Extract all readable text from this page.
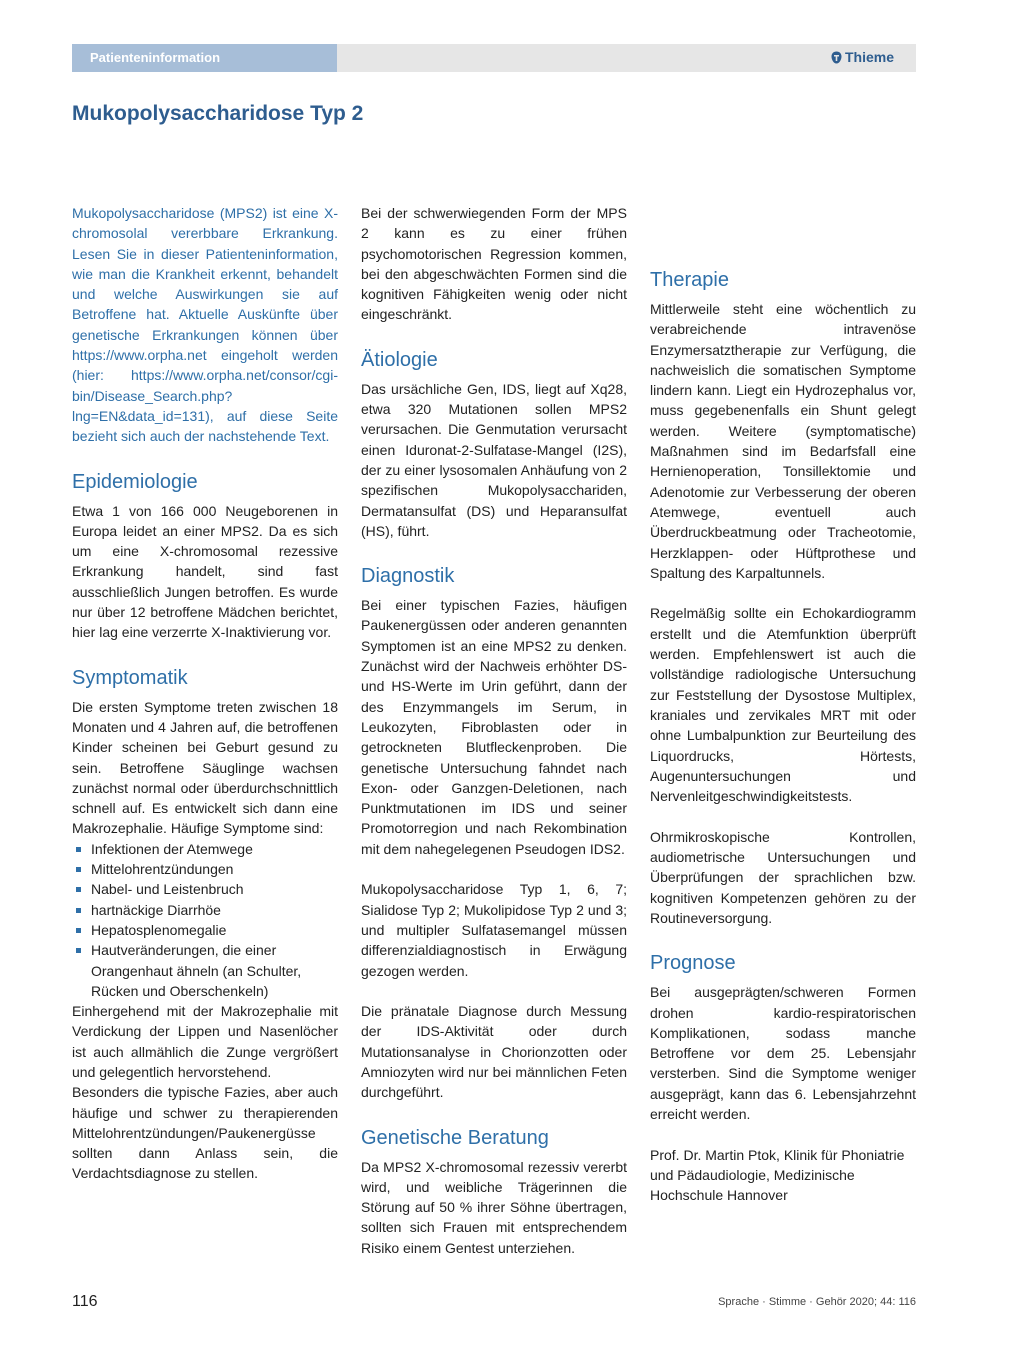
Patienteninformation	Thieme
Mukopolysaccharidose Typ 2

Mukopolysaccharidose (MPS2) ist eine X-chromosolal vererbbare Erkrankung. Lesen Sie in dieser Patienteninformation, wie man die Krankheit erkennt, behandelt und welche Auswirkungen sie auf Betroffene hat. Aktuelle Auskünfte über genetische Erkrankungen können über https://www.orpha.net eingeholt werden (hier: https://www.orpha.net/consor/cgi-bin/Disease_Search.php?lng=EN&data_id=131), auf diese Seite bezieht sich auch der nachstehende Text.

Epidemiologie

Etwa 1 von 166 000 Neugeborenen in Europa leidet an einer MPS2. Da es sich um eine X-chromosomal rezessive Erkrankung handelt, sind fast ausschließlich Jungen betroffen. Es wurde nur über 12 betroffene Mädchen berichtet, hier lag eine verzerrte X-Inaktivierung vor.

Symptomatik

Die ersten Symptome treten zwischen 18 Monaten und 4 Jahren auf, die betroffenen Kinder scheinen bei Geburt gesund zu sein. Betroffene Säuglinge wachsen zunächst normal oder überdurchschnittlich schnell auf. Es entwickelt sich dann eine Makrozephalie. Häufige Symptome sind:

Infektionen der Atemwege
Mittelohrentzündungen
Nabel- und Leistenbruch
hartnäckige Diarrhöe
Hepatosplenomegalie
Hautveränderungen, die einer Orangenhaut ähneln (an Schulter, Rücken und Oberschenkeln)

Einhergehend mit der Makrozephalie mit Verdickung der Lippen und Nasenlöcher ist auch allmählich die Zunge vergrößert und gelegentlich hervorstehend.

Besonders die typische Fazies, aber auch häufige und schwer zu therapierenden Mittelohrentzündungen/Paukenergüsse sollten dann Anlass sein, die Verdachtsdiagnose zu stellen.

Bei der schwerwiegenden Form der MPS 2 kann es zu einer frühen psychomotorischen Regression kommen, bei den abgeschwächten Formen sind die kognitiven Fähigkeiten wenig oder nicht eingeschränkt.

Ätiologie

Das ursächliche Gen, IDS, liegt auf Xq28, etwa 320 Mutationen sollen MPS2 verursachen. Die Genmutation verursacht einen Iduronat-2-Sulfatase-Mangel (I2S), der zu einer lysosomalen Anhäufung von 2 spezifischen Mukopolysacchariden, Dermatansulfat (DS) und Heparansulfat (HS), führt.

Diagnostik

Bei einer typischen Fazies, häufigen Paukenergüssen oder anderen genannten Symptomen ist an eine MPS2 zu denken. Zunächst wird der Nachweis erhöhter DS- und HS-Werte im Urin geführt, dann der des Enzymmangels im Serum, in Leukozyten, Fibroblasten oder in getrockneten Blutfleckenproben. Die genetische Untersuchung fahndet nach Exon- oder Ganzgen-Deletionen, nach Punktmutationen im IDS und seiner Promotorregion und nach Rekombination mit dem nahegelegenen Pseudogen IDS2.

Mukopolysaccharidose Typ 1, 6, 7; Sialidose Typ 2; Mukolipidose Typ 2 und 3; und multipler Sulfatasemangel müssen differenzialdiagnostisch in Erwägung gezogen werden.

Die pränatale Diagnose durch Messung der IDS-Aktivität oder durch Mutationsanalyse in Chorionzotten oder Amniozyten wird nur bei männlichen Feten durchgeführt.

Genetische Beratung

Da MPS2 X-chromosomal rezessiv vererbt wird, und weibliche Trägerinnen die Störung auf 50 % ihrer Söhne übertragen, sollten sich Frauen mit entsprechendem Risiko einem Gentest unterziehen.

Therapie

Mittlerweile steht eine wöchentlich zu verabreichende intravenöse Enzymersatztherapie zur Verfügung, die nachweislich die somatischen Symptome lindern kann. Liegt ein Hydrozephalus vor, muss gegebenenfalls ein Shunt gelegt werden. Weitere (symptomatische) Maßnahmen sind im Bedarfsfall eine Hernienoperation, Tonsillektomie und Adenotomie zur Verbesserung der oberen Atemwege, eventuell auch Überdruckbeatmung oder Tracheotomie, Herzklappen- oder Hüftprothese und Spaltung des Karpaltunnels.

Regelmäßig sollte ein Echokardiogramm erstellt und die Atemfunktion überprüft werden. Empfehlenswert ist auch die vollständige radiologische Untersuchung zur Feststellung der Dysostose Multiplex, kraniales und zervikales MRT mit oder ohne Lumbalpunktion zur Beurteilung des Liquordrucks, Hörtests, Augenuntersuchungen und Nervenleitgeschwindigkeitstests.

Ohrmikroskopische Kontrollen, audiometrische Untersuchungen und Überprüfungen der sprachlichen bzw. kognitiven Kompetenzen gehören zu der Routineversorgung.

Prognose

Bei ausgeprägten/schweren Formen drohen kardio-respiratorischen Komplikationen, sodass manche Betroffene vor dem 25. Lebensjahr versterben. Sind die Symptome weniger ausgeprägt, kann das 6. Lebensjahrzehnt erreicht werden.

Prof. Dr. Martin Ptok, Klinik für Phoniatrie und Pädaudiologie, Medizinische Hochschule Hannover

116	Sprache · Stimme · Gehör 2020; 44: 116
